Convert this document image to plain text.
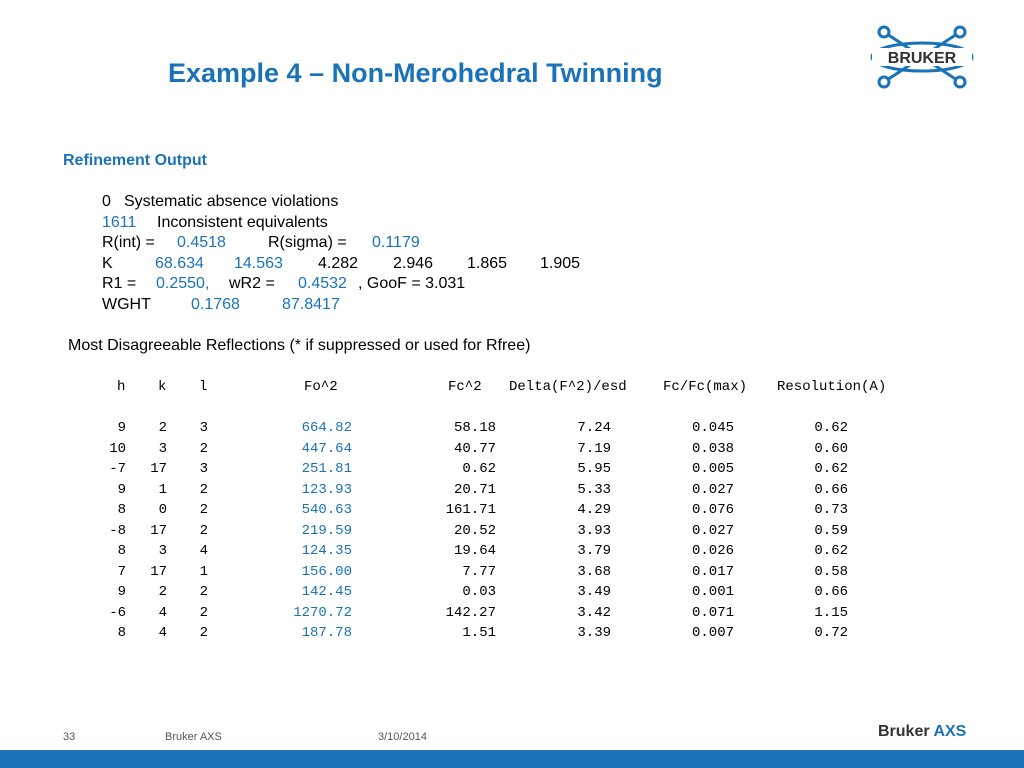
Example 4 – Non-Merohedral Twinning	BRUKER
Refinement Output
0 Systematic absence violations
1611 Inconsistent equivalents
R(int) = 0.4518	R(sigma) = 0.1179
K	68.634 14.563 4.282 2.946 1.865 1.905
R1 = 0.2550, wR2 = 0.4532 , GooF = 3.031
WGHT	0.1768	87.8417
Most Disagreeable Reflections (* if suppressed or used for Rfree)
h k l	Fo^2	Fc^2 Delta(F^2)/esd	Fc/Fc(max) Resolution(A)
9 2 3	664.82	58.18	7.24	0.045	0.62
10 3 2	447.64	40.77	7.19	0.038	0.60
-7 17 3	251.81	0.62	5.95	0.005	0.62
9 1 2	123.93	20.71	5.33	0.027	0.66
8 0 2	540.63	161.71	4.29	0.076	0.73
-8 17 2	219.59	20.52	3.93	0.027	0.59
8 3 4	124.35	19.64	3.79	0.026	0.62
7 17 1	156.00	7.77	3.68	0.017	0.58
9 2 2	142.45	0.03	3.49	0.001	0.66
-6 4 2	1270.72	142.27	3.42	0.071	1.15
8 4 2	187.78	1.51	3.39	0.007	0.72
33	Bruker AXS	3/10/2014	Bruker AXS
